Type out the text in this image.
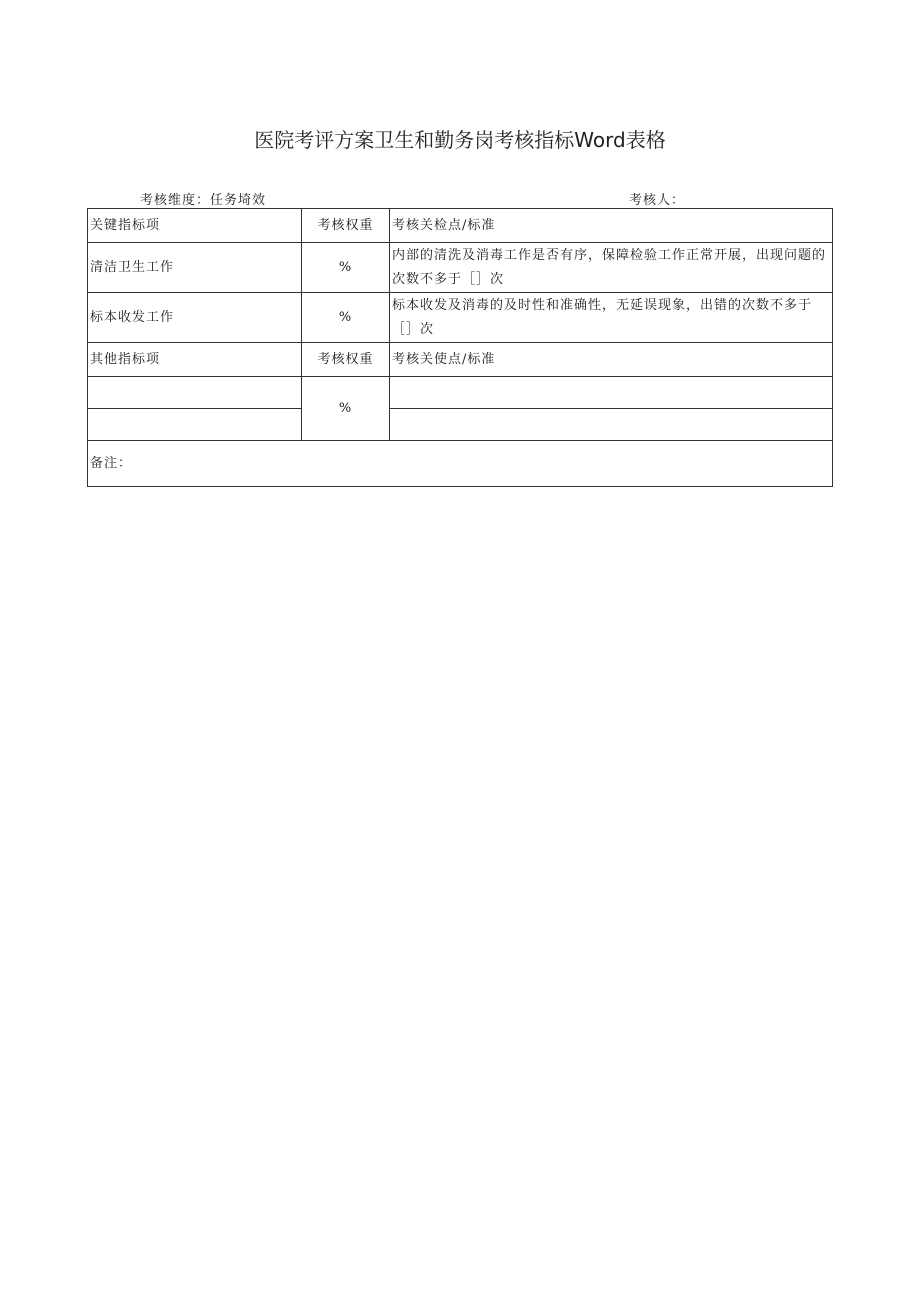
医院考评方案卫生和勤务岗考核指标Word表格
考核维度：任务埼效	考核人：
关键指标项	考核权重	考核关检点/标准
清洁卫生工作	%	内部的清洗及消毒工作是否有序，保障检验工作正常开展，出现问题的次数不多于［］次
标本收发工作	%	标本收发及消毒的及时性和准确性，无延误现象，出错的次数不多于［］次
其他指标项	考核权重	考核关使点/标准
	%	

备注：		
